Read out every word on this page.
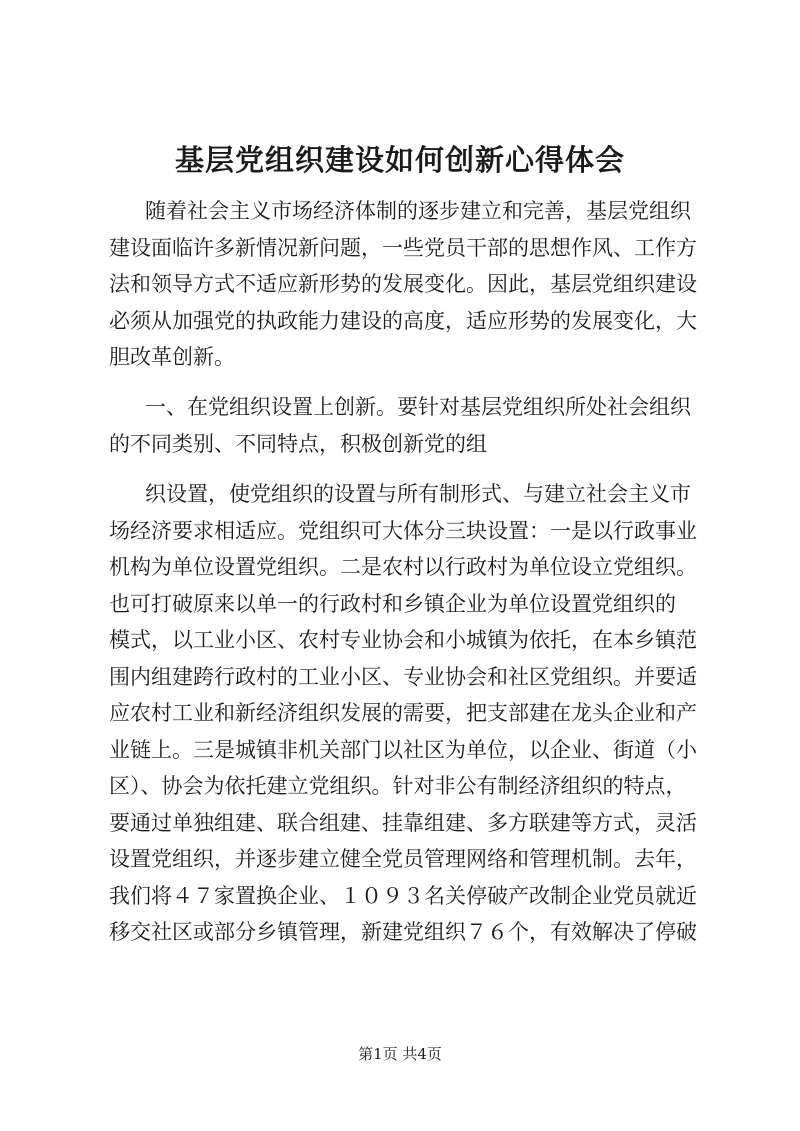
基层党组织建设如何创新心得体会
随着社会主义市场经济体制的逐步建立和完善，基层党组织
建设面临许多新情况新问题，一些党员干部的思想作风、工作方
法和领导方式不适应新形势的发展变化。因此，基层党组织建设
必须从加强党的执政能力建设的高度，适应形势的发展变化，大
胆改革创新。
一、在党组织设置上创新。要针对基层党组织所处社会组织
的不同类别、不同特点，积极创新党的组
织设置，使党组织的设置与所有制形式、与建立社会主义市
场经济要求相适应。党组织可大体分三块设置：一是以行政事业
机构为单位设置党组织。二是农村以行政村为单位设立党组织。
也可打破原来以单一的行政村和乡镇企业为单位设置党组织的
模式，以工业小区、农村专业协会和小城镇为依托，在本乡镇范
围内组建跨行政村的工业小区、专业协会和社区党组织。并要适
应农村工业和新经济组织发展的需要，把支部建在龙头企业和产
业链上。三是城镇非机关部门以社区为单位，以企业、街道（小
区）、协会为依托建立党组织。针对非公有制经济组织的特点，
要通过单独组建、联合组建、挂靠组建、多方联建等方式，灵活
设置党组织，并逐步建立健全党员管理网络和管理机制。去年，
我们将４７家置换企业、１０９３名关停破产改制企业党员就近
移交社区或部分乡镇管理，新建党组织７６个，有效解决了停破
第1页 共4页
